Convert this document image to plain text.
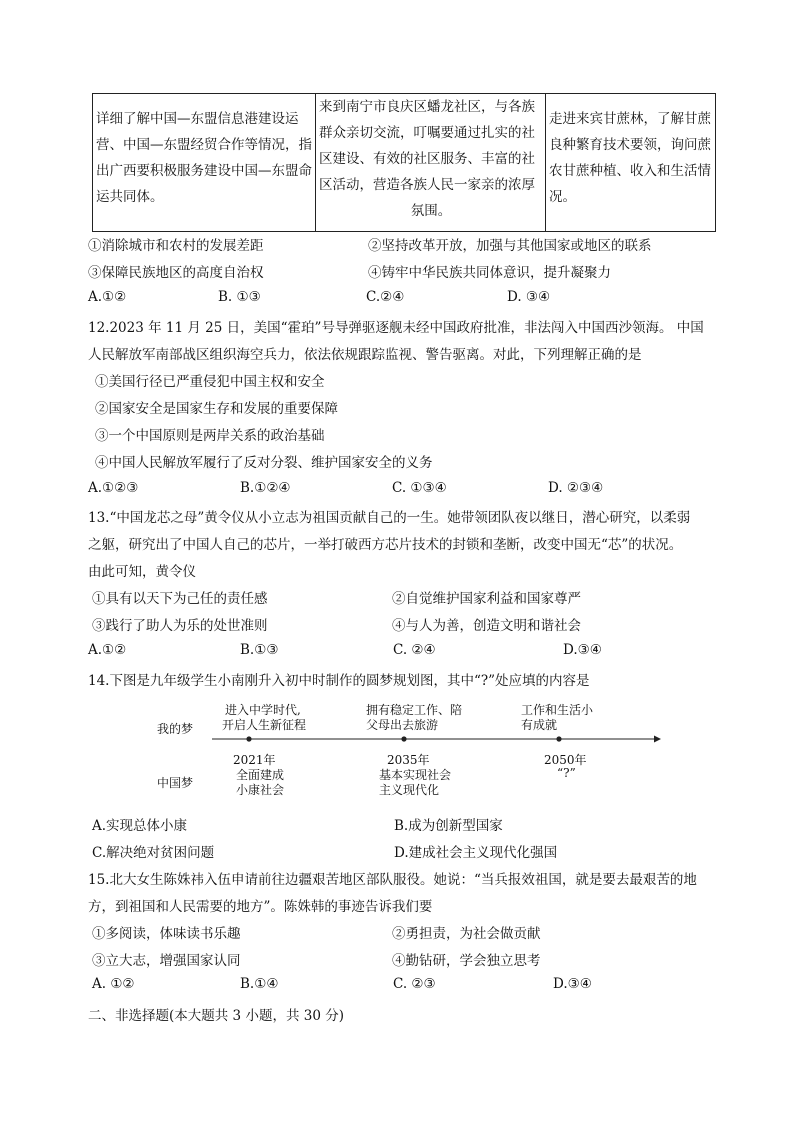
详细了解中国—东盟信息港建设运营、中国—东盟经贸合作等情况，指出广西要积极服务建设中国—东盟命运共同体。
来到南宁市良庆区蟠龙社区，与各族群众亲切交流，叮嘱要通过扎实的社区建设、有效的社区服务、丰富的社区活动，营造各族人民一家亲的浓厚
氛围。
走进来宾甘蔗林，了解甘蔗良种繁育技术要领，询问蔗农甘蔗种植、收入和生活情况。
①消除城市和农村的发展差距	②坚持改革开放，加强与其他国家或地区的联系
③保障民族地区的高度自治权	④铸牢中华民族共同体意识，提升凝聚力
A.①②	B. ①③	C.②④	D. ③④
12.2023 年 11 月 25 日，美国“霍珀”号导弹驱逐舰未经中国政府批准，非法闯入中国西沙领海。 中国
人民解放军南部战区组织海空兵力，依法依规跟踪监视、警告驱离。对此，下列理解正确的是
①美国行径已严重侵犯中国主权和安全
②国家安全是国家生存和发展的重要保障
③一个中国原则是两岸关系的政治基础
④中国人民解放军履行了反对分裂、维护国家安全的义务
A.①②③	B.①②④	C. ①③④	D. ②③④
13.“中国龙芯之母”黄令仪从小立志为祖国贡献自己的一生。她带领团队夜以继日，潜心研究，以柔弱
之躯，研究出了中国人自己的芯片，一举打破西方芯片技术的封锁和垄断，改变中国无“芯”的状况。
由此可知，黄令仪
①具有以天下为己任的责任感	②自觉维护国家利益和国家尊严
③践行了助人为乐的处世准则	④与人为善，创造文明和谐社会
A.①②	B.①③	C. ②④	D.③④
14.下图是九年级学生小南刚升入初中时制作的圆梦规划图，其中“?”处应填的内容是
我的梦
中国梦
进入中学时代,
开启人生新征程
拥有稳定工作、陪
父母出去旅游
工作和生活小
有成就
2021年
全面建成
小康社会
2035年
基本实现社会
主义现代化
2050年
“?”
A.实现总体小康	B.成为创新型国家
C.解决绝对贫困问题	D.建成社会主义现代化强国
15.北大女生陈姝祎入伍申请前往边疆艰苦地区部队服役。她说：“当兵报效祖国，就是要去最艰苦的地
方，到祖国和人民需要的地方”。陈姝韩的事迹告诉我们要
①多阅读，体味读书乐趣	②勇担责，为社会做贡献
③立大志，增强国家认同	④勤钻研，学会独立思考
A. ①②	B.①④	C. ②③	D.③④
二、非选择题(本大题共 3 小题，共 30 分)
